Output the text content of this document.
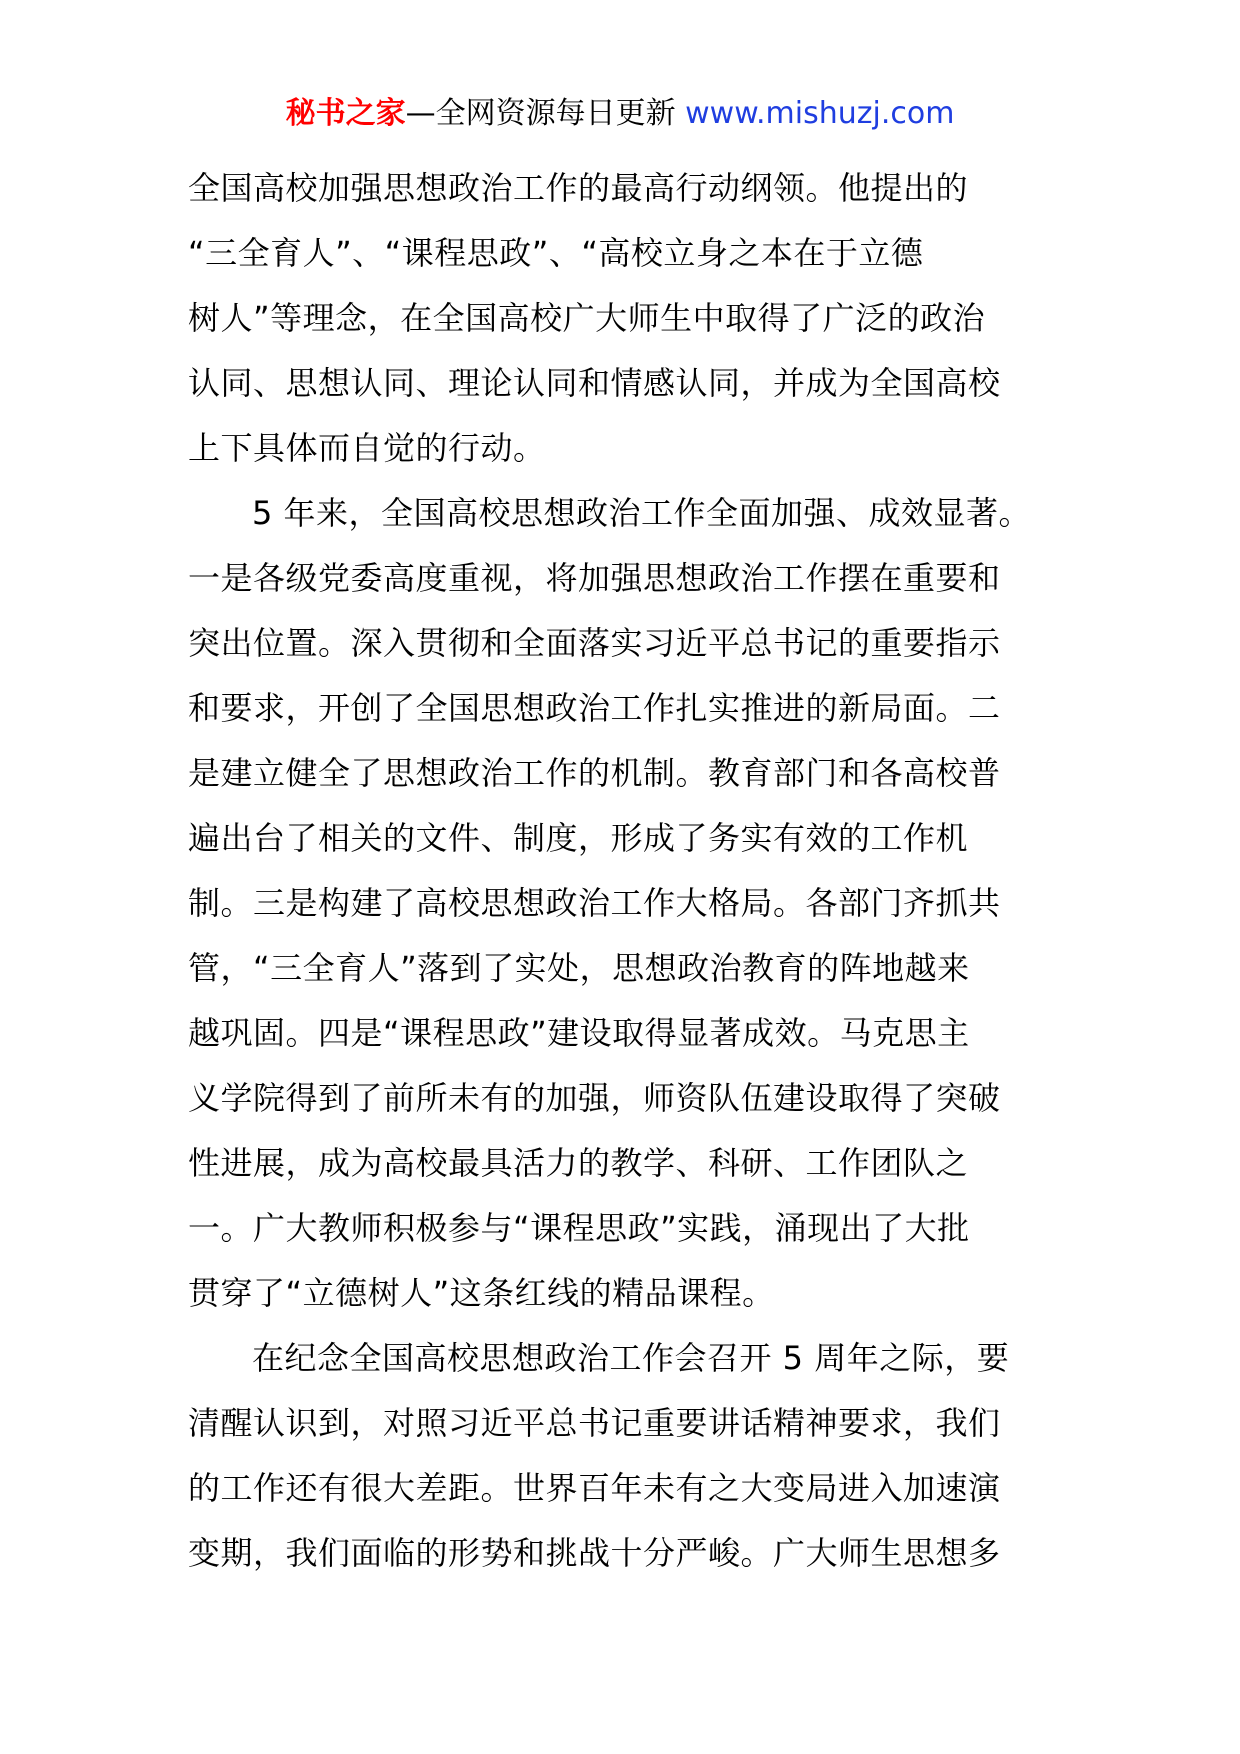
秘书之家—全网资源每日更新 www.mishuzj.com
全国高校加强思想政治工作的最高行动纲领。他提出的
“三全育人”、“课程思政”、“高校立身之本在于立德
树人”等理念，在全国高校广大师生中取得了广泛的政治
认同、思想认同、理论认同和情感认同，并成为全国高校
上下具体而自觉的行动。
5 年来，全国高校思想政治工作全面加强、成效显著。
一是各级党委高度重视，将加强思想政治工作摆在重要和
突出位置。深入贯彻和全面落实习近平总书记的重要指示
和要求，开创了全国思想政治工作扎实推进的新局面。二
是建立健全了思想政治工作的机制。教育部门和各高校普
遍出台了相关的文件、制度，形成了务实有效的工作机
制。三是构建了高校思想政治工作大格局。各部门齐抓共
管，“三全育人”落到了实处，思想政治教育的阵地越来
越巩固。四是“课程思政”建设取得显著成效。马克思主
义学院得到了前所未有的加强，师资队伍建设取得了突破
性进展，成为高校最具活力的教学、科研、工作团队之
一。广大教师积极参与“课程思政”实践，涌现出了大批
贯穿了“立德树人”这条红线的精品课程。
在纪念全国高校思想政治工作会召开 5 周年之际，要
清醒认识到，对照习近平总书记重要讲话精神要求，我们
的工作还有很大差距。世界百年未有之大变局进入加速演
变期，我们面临的形势和挑战十分严峻。广大师生思想多
